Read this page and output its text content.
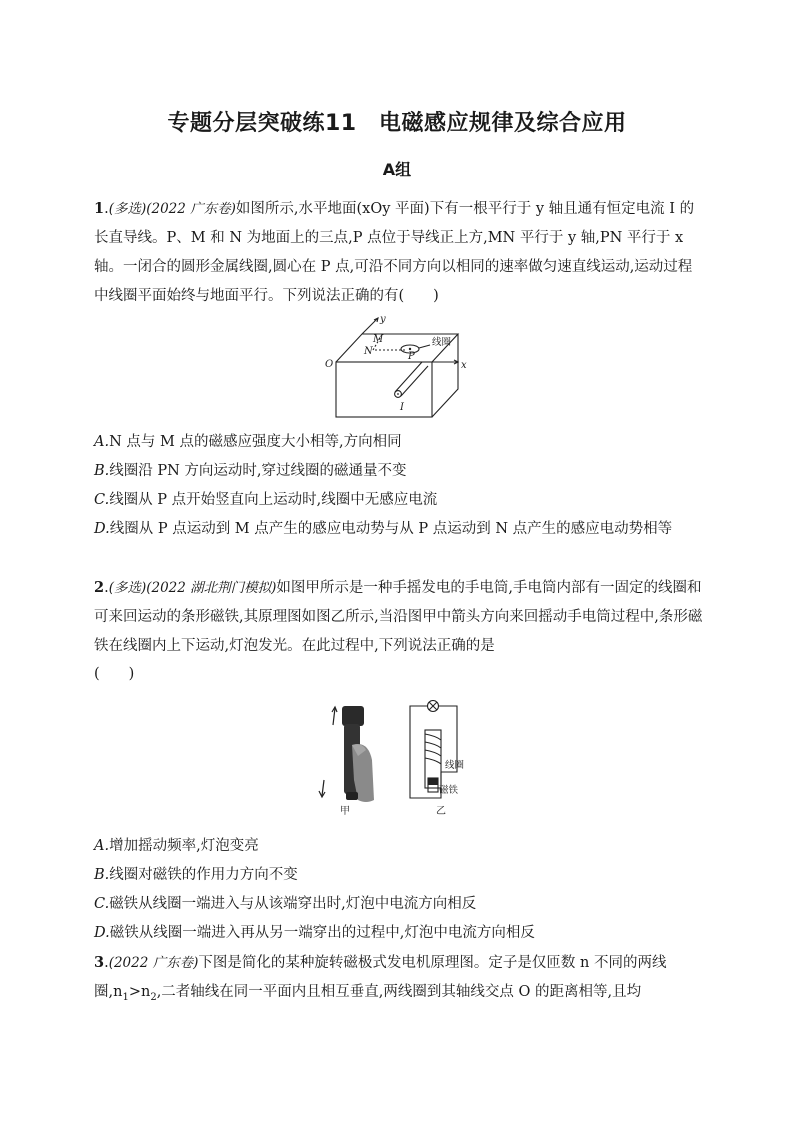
专题分层突破练11　电磁感应规律及综合应用
A组
1.(多选)(2022 广东卷)如图所示,水平地面(xOy 平面)下有一根平行于 y 轴且通有恒定电流 I 的长直导线。P、M 和 N 为地面上的三点,P 点位于导线正上方,MN 平行于 y 轴,PN 平行于 x 轴。一闭合的圆形金属线圈,圆心在 P 点,可沿不同方向以相同的速率做匀速直线运动,运动过程中线圈平面始终与地面平行。下列说法正确的有(　　)
y
x
O
M
N	P
I
线圈
A.N 点与 M 点的磁感应强度大小相等,方向相同
B.线圈沿 PN 方向运动时,穿过线圈的磁通量不变
C.线圈从 P 点开始竖直向上运动时,线圈中无感应电流
D.线圈从 P 点运动到 M 点产生的感应电动势与从 P 点运动到 N 点产生的感应电动势相等
2.(多选)(2022 湖北荆门模拟)如图甲所示是一种手摇发电的手电筒,手电筒内部有一固定的线圈和可来回运动的条形磁铁,其原理图如图乙所示,当沿图甲中箭头方向来回摇动手电筒过程中,条形磁铁在线圈内上下运动,灯泡发光。在此过程中,下列说法正确的是
(　　)
甲
线圈
磁铁
乙
A.增加摇动频率,灯泡变亮
B.线圈对磁铁的作用力方向不变
C.磁铁从线圈一端进入与从该端穿出时,灯泡中电流方向相反
D.磁铁从线圈一端进入再从另一端穿出的过程中,灯泡中电流方向相反
3.(2022 广东卷)下图是简化的某种旋转磁极式发电机原理图。定子是仅匝数 n 不同的两线圈$,n_1>n_2$,二者轴线在同一平面内且相互垂直,两线圈到其轴线交点 O 的距离相等,且均
